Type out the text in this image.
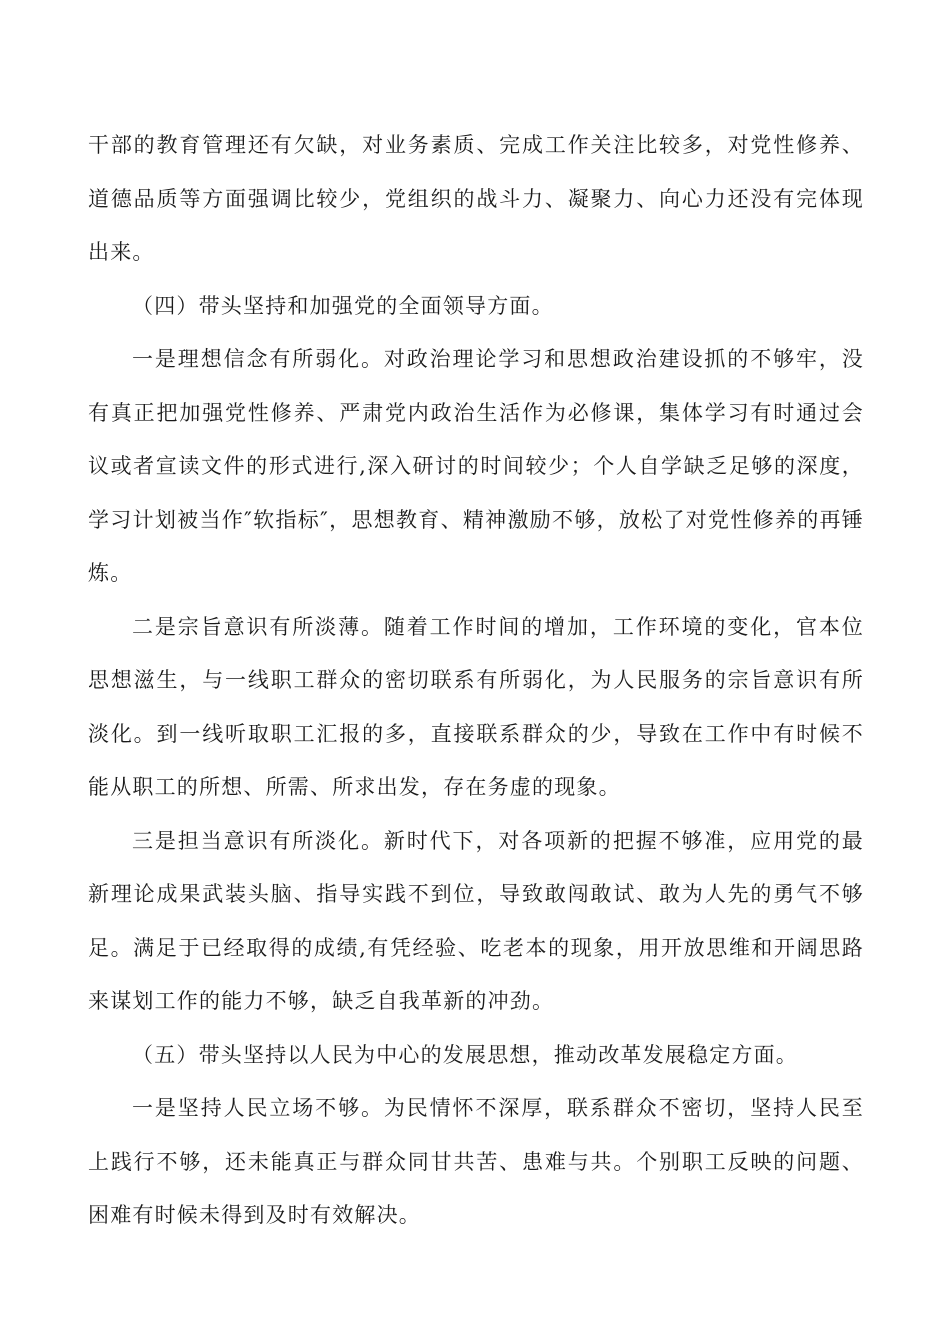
干部的教育管理还有欠缺，对业务素质、完成工作关注比较多，对党性修养、道德品质等方面强调比较少，党组织的战斗力、凝聚力、向心力还没有完体现出来。

（四）带头坚持和加强党的全面领导方面。

一是理想信念有所弱化。对政治理论学习和思想政治建设抓的不够牢，没有真正把加强党性修养、严肃党内政治生活作为必修课，集体学习有时通过会议或者宣读文件的形式进行,深入研讨的时间较少；个人自学缺乏足够的深度，学习计划被当作″软指标″，思想教育、精神激励不够，放松了对党性修养的再锤炼。

二是宗旨意识有所淡薄。随着工作时间的增加，工作环境的变化，官本位思想滋生，与一线职工群众的密切联系有所弱化，为人民服务的宗旨意识有所淡化。到一线听取职工汇报的多，直接联系群众的少，导致在工作中有时候不能从职工的所想、所需、所求出发，存在务虚的现象。

三是担当意识有所淡化。新时代下，对各项新的把握不够准，应用党的最新理论成果武装头脑、指导实践不到位，导致敢闯敢试、敢为人先的勇气不够足。满足于已经取得的成绩,有凭经验、吃老本的现象，用开放思维和开阔思路来谋划工作的能力不够，缺乏自我革新的冲劲。

（五）带头坚持以人民为中心的发展思想，推动改革发展稳定方面。

一是坚持人民立场不够。为民情怀不深厚，联系群众不密切，坚持人民至上践行不够，还未能真正与群众同甘共苦、患难与共。个别职工反映的问题、困难有时候未得到及时有效解决。
